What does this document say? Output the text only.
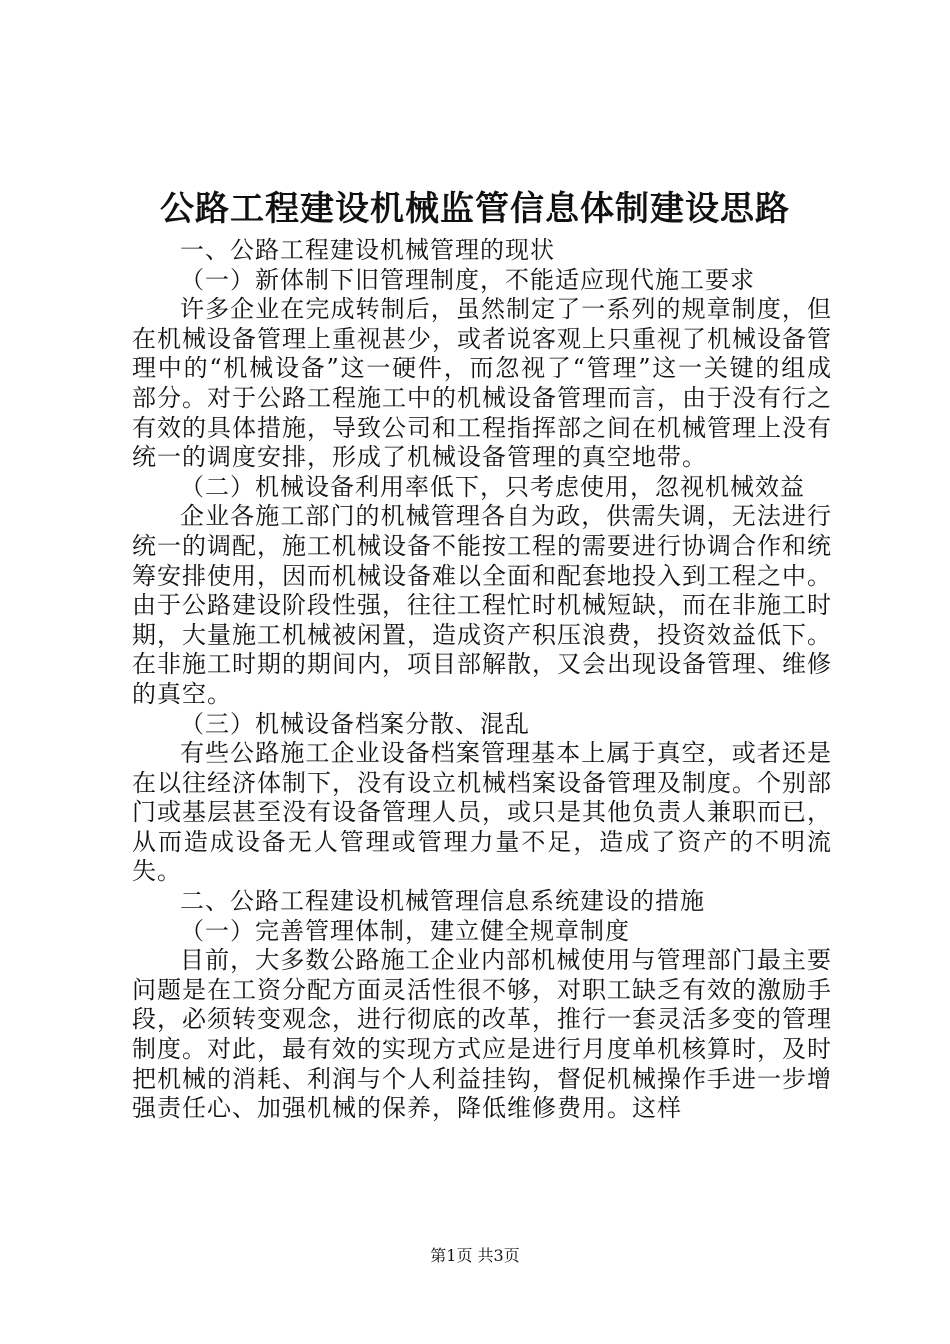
公路工程建设机械监管信息体制建设思路

一、公路工程建设机械管理的现状

（一）新体制下旧管理制度，不能适应现代施工要求

许多企业在完成转制后，虽然制定了一系列的规章制度，但在机械设备管理上重视甚少，或者说客观上只重视了机械设备管理中的“机械设备”这一硬件，而忽视了“管理”这一关键的组成部分。对于公路工程施工中的机械设备管理而言，由于没有行之有效的具体措施，导致公司和工程指挥部之间在机械管理上没有统一的调度安排，形成了机械设备管理的真空地带。

（二）机械设备利用率低下，只考虑使用，忽视机械效益

企业各施工部门的机械管理各自为政，供需失调，无法进行统一的调配，施工机械设备不能按工程的需要进行协调合作和统筹安排使用，因而机械设备难以全面和配套地投入到工程之中。由于公路建设阶段性强，往往工程忙时机械短缺，而在非施工时期，大量施工机械被闲置，造成资产积压浪费，投资效益低下。在非施工时期的期间内，项目部解散，又会出现设备管理、维修的真空。

（三）机械设备档案分散、混乱

有些公路施工企业设备档案管理基本上属于真空，或者还是在以往经济体制下，没有设立机械档案设备管理及制度。个别部门或基层甚至没有设备管理人员，或只是其他负责人兼职而已，从而造成设备无人管理或管理力量不足，造成了资产的不明流失。

二、公路工程建设机械管理信息系统建设的措施

（一）完善管理体制，建立健全规章制度

目前，大多数公路施工企业内部机械使用与管理部门最主要问题是在工资分配方面灵活性很不够，对职工缺乏有效的激励手段，必须转变观念，进行彻底的改革，推行一套灵活多变的管理制度。对此，最有效的实现方式应是进行月度单机核算时，及时把机械的消耗、利润与个人利益挂钩，督促机械操作手进一步增强责任心、加强机械的保养，降低维修费用。这样

第1页 共3页
